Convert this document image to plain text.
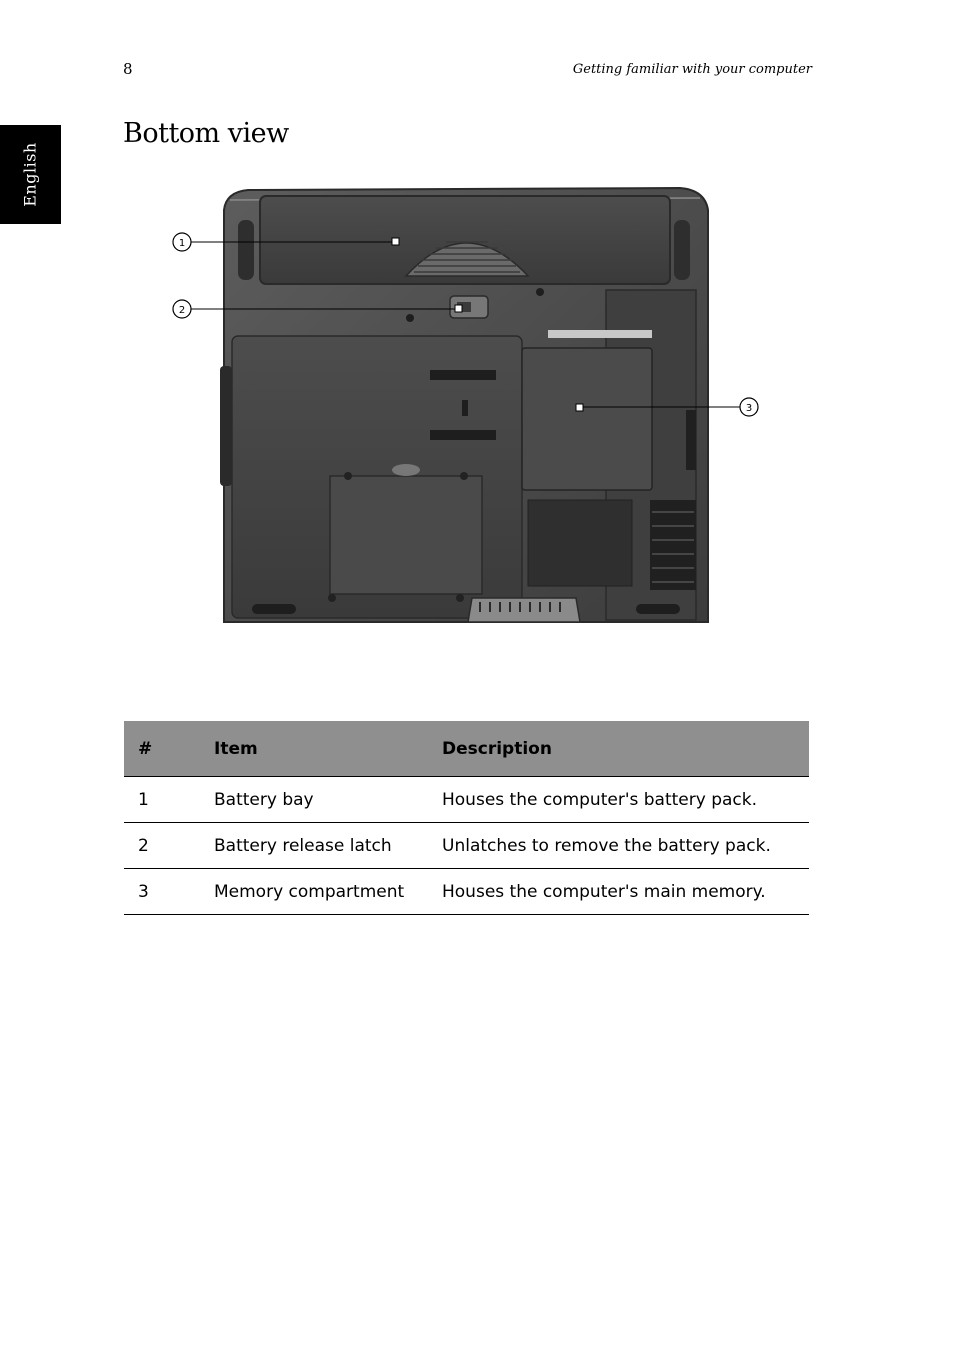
8	Getting familiar with your computer
English
Bottom view
1
2
3
#	Item	Description
1	Battery bay	Houses the computer's battery pack.
2	Battery release latch	Unlatches to remove the battery pack.
3	Memory compartment	Houses the computer's main memory.
